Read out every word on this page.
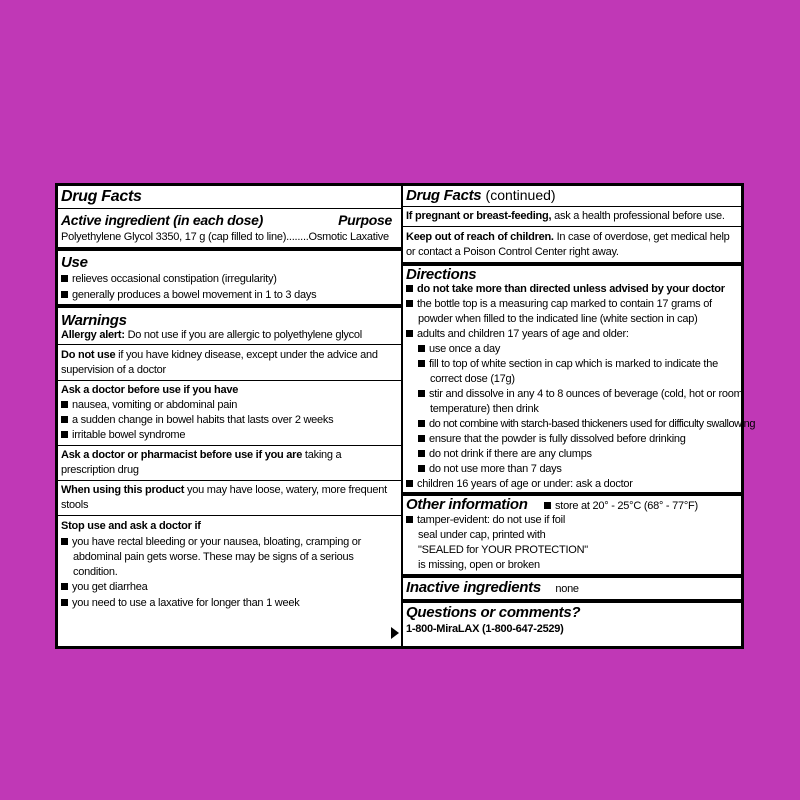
Drug Facts
Active ingredient (in each dose)	Purpose
Polyethylene Glycol 3350, 17 g (cap filled to line)........Osmotic Laxative
Use
relieves occasional constipation (irregularity)
generally produces a bowel movement in 1 to 3 days
Warnings
Allergy alert: Do not use if you are allergic to polyethylene glycol
Do not use if you have kidney disease, except under the advice and
supervision of a doctor
Ask a doctor before use if you have
nausea, vomiting or abdominal pain
a sudden change in bowel habits that lasts over 2 weeks
irritable bowel syndrome
Ask a doctor or pharmacist before use if you are taking a
prescription drug
When using this product you may have loose, watery, more frequent
stools
Stop use and ask a doctor if
you have rectal bleeding or your nausea, bloating, cramping or
abdominal pain gets worse. These may be signs of a serious
condition.
you get diarrhea
you need to use a laxative for longer than 1 week
Drug Facts (continued)
If pregnant or breast-feeding, ask a health professional before use.
Keep out of reach of children. In case of overdose, get medical help
or contact a Poison Control Center right away.
Directions
do not take more than directed unless advised by your doctor
the bottle top is a measuring cap marked to contain 17 grams of
powder when filled to the indicated line (white section in cap)
adults and children 17 years of age and older:
use once a day
fill to top of white section in cap which is marked to indicate the
correct dose (17g)
stir and dissolve in any 4 to 8 ounces of beverage (cold, hot or room
temperature) then drink
do not combine with starch-based thickeners used for difficulty swallowing
ensure that the powder is fully dissolved before drinking
do not drink if there are any clumps
do not use more than 7 days
children 16 years of age or under: ask a doctor
Other information store at 20° - 25°C (68° - 77°F)
tamper-evident: do not use if foil
seal under cap, printed with
"SEALED for YOUR PROTECTION"
is missing, open or broken
Inactive ingredients none
Questions or comments?
1-800-MiraLAX (1-800-647-2529)
